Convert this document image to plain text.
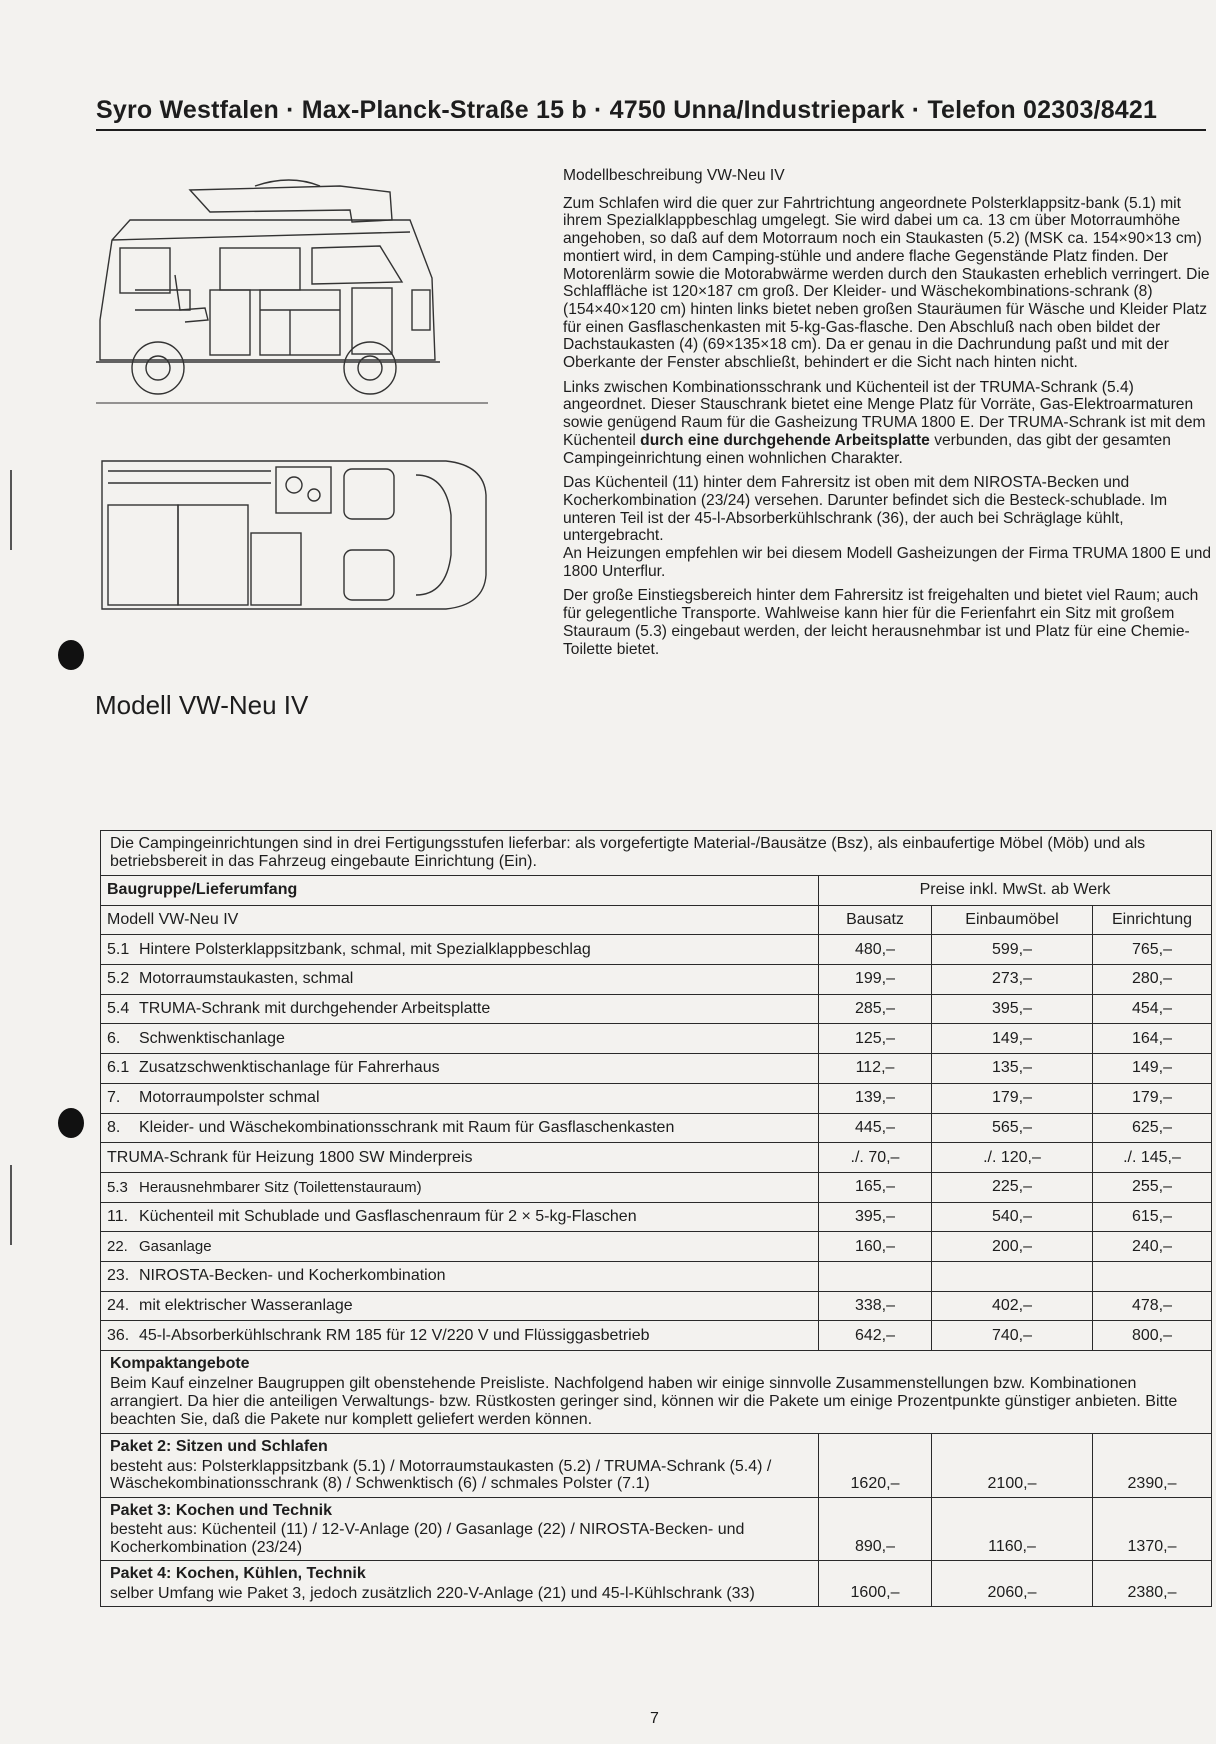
Syro Westfalen · Max-Planck-Straße 15 b · 4750 Unna/Industriepark · Telefon 02303/8421
Modell VW-Neu IV

Modellbeschreibung VW-Neu IV

Zum Schlafen wird die quer zur Fahrtrichtung angeordnete Polsterklappsitz-bank (5.1) mit ihrem Spezialklappbeschlag umgelegt. Sie wird dabei um ca. 13 cm über Motorraumhöhe angehoben, so daß auf dem Motorraum noch ein Staukasten (5.2) (MSK ca. 154×90×13 cm) montiert wird, in dem Camping-stühle und andere flache Gegenstände Platz finden. Der Motorenlärm sowie die Motorabwärme werden durch den Staukasten erheblich verringert. Die Schlaffläche ist 120×187 cm groß. Der Kleider- und Wäschekombinations-schrank (8) (154×40×120 cm) hinten links bietet neben großen Stauräumen für Wäsche und Kleider Platz für einen Gasflaschenkasten mit 5-kg-Gas-flasche. Den Abschluß nach oben bildet der Dachstaukasten (4) (69×135×18 cm). Da er genau in die Dachrundung paßt und mit der Oberkante der Fenster abschließt, behindert er die Sicht nach hinten nicht.

Links zwischen Kombinationsschrank und Küchenteil ist der TRUMA-Schrank (5.4) angeordnet. Dieser Stauschrank bietet eine Menge Platz für Vorräte, Gas-Elektroarmaturen sowie genügend Raum für die Gasheizung TRUMA 1800 E. Der TRUMA-Schrank ist mit dem Küchenteil durch eine durchgehende Arbeitsplatte verbunden, das gibt der gesamten Campingeinrichtung einen wohnlichen Charakter.

Das Küchenteil (11) hinter dem Fahrersitz ist oben mit dem NIROSTA-Becken und Kocherkombination (23/24) versehen. Darunter befindet sich die Besteck-schublade. Im unteren Teil ist der 45-l-Absorberkühlschrank (36), der auch bei Schräglage kühlt, untergebracht.

An Heizungen empfehlen wir bei diesem Modell Gasheizungen der Firma TRUMA 1800 E und 1800 Unterflur.

Der große Einstiegsbereich hinter dem Fahrersitz ist freigehalten und bietet viel Raum; auch für gelegentliche Transporte. Wahlweise kann hier für die Ferienfahrt ein Sitz mit großem Stauraum (5.3) eingebaut werden, der leicht herausnehmbar ist und Platz für eine Chemie-Toilette bietet.

Die Campingeinrichtungen sind in drei Fertigungsstufen lieferbar: als vorgefertigte Material-/Bausätze (Bsz), als einbaufertige Möbel (Möb) und als betriebsbereit in das Fahrzeug eingebaute Einrichtung (Ein).			
Baugruppe/Lieferumfang	Preise inkl. MwSt. ab Werk		
Modell VW-Neu IV	Bausatz	Einbaumöbel	Einrichtung
5.1 Hintere Polsterklappsitzbank, schmal, mit Spezialklappbeschlag	480,–	599,–	765,–
5.2 Motorraumstaukasten, schmal	199,–	273,–	280,–
5.4 TRUMA-Schrank mit durchgehender Arbeitsplatte	285,–	395,–	454,–
6. Schwenktischanlage	125,–	149,–	164,–
6.1 Zusatzschwenktischanlage für Fahrerhaus	112,–	135,–	149,–
7. Motorraumpolster schmal	139,–	179,–	179,–
8. Kleider- und Wäschekombinationsschrank mit Raum für Gasflaschenkasten	445,–	565,–	625,–
TRUMA-Schrank für Heizung 1800 SW Minderpreis	./. 70,–	./. 120,–	./. 145,–
5.3 Herausnehmbarer Sitz (Toilettenstauraum)	165,–	225,–	255,–
11. Küchenteil mit Schublade und Gasflaschenraum für 2 × 5-kg-Flaschen	395,–	540,–	615,–
22. Gasanlage	160,–	200,–	240,–
23. NIROSTA-Becken- und Kocherkombination			
24. mit elektrischer Wasseranlage	338,–	402,–	478,–
36. 45-l-Absorberkühlschrank RM 185 für 12 V/220 V und Flüssiggasbetrieb	642,–	740,–	800,–

Kompaktangebote
Beim Kauf einzelner Baugruppen gilt obenstehende Preisliste. Nachfolgend haben wir einige sinnvolle Zusammenstellungen bzw. Kombinationen arrangiert. Da hier die anteiligen Verwaltungs- bzw. Rüstkosten geringer sind, können wir die Pakete um einige Prozentpunkte günstiger anbieten. Bitte beachten Sie, daß die Pakete nur komplett geliefert werden können.			

Paket 2: Sitzen und Schlafen
besteht aus: Polsterklappsitzbank (5.1) / Motorraumstaukasten (5.2) / TRUMA-Schrank (5.4) / Wäschekombinationsschrank (8) / Schwenktisch (6) / schmales Polster (7.1)	1620,–	2100,–	2390,–

Paket 3: Kochen und Technik
besteht aus: Küchenteil (11) / 12-V-Anlage (20) / Gasanlage (22) / NIROSTA-Becken- und Kocherkombination (23/24)	890,–	1160,–	1370,–

Paket 4: Kochen, Kühlen, Technik
selber Umfang wie Paket 3, jedoch zusätzlich 220-V-Anlage (21) und 45-l-Kühlschrank (33)	1600,–	2060,–	2380,–
7
